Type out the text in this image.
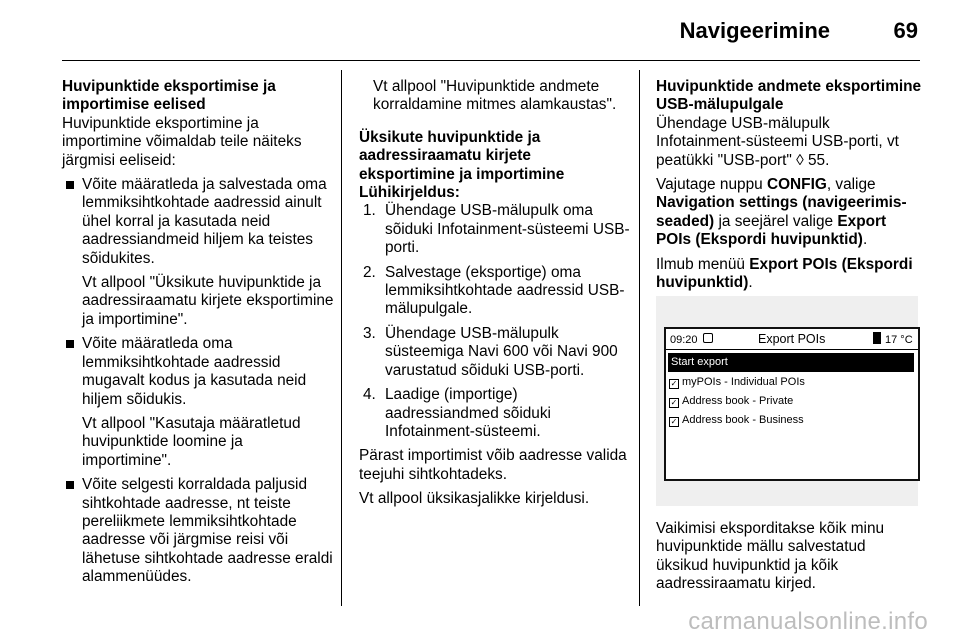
Navigeerimine	69
Huvipunktide eksportimise ja importimise eelised
Huvipunktide eksportimine ja importimine võimaldab teile näiteks järgmisi eeliseid:
Võite määratleda ja salvestada oma lemmiksihtkohtade aadressid ainult ühel korral ja kasutada neid aadressiandmeid hiljem ka teistes sõidukites.
Vt allpool "Üksikute huvipunktide ja aadressiraamatu kirjete eksportimine ja importimine".
Võite määratleda oma lemmiksihtkohtade aadressid mugavalt kodus ja kasutada neid hiljem sõidukis.
Vt allpool "Kasutaja määratletud huvipunktide loomine ja importimine".
Võite selgesti korraldada paljusid sihtkohtade aadresse, nt teiste pereliikmete lemmiksihtkohtade aadresse või järgmise reisi või lähetuse sihtkohtade aadresse eraldi alammenüüdes.
Vt allpool "Huvipunktide andmete korraldamine mitmes alamkaustas".
Üksikute huvipunktide ja aadressiraamatu kirjete eksportimine ja importimine
Lühikirjeldus:
1. Ühendage USB-mälupulk oma sõiduki Infotainment-süsteemi USB-porti.
2. Salvestage (eksportige) oma lemmiksihtkohtade aadressid USB-mälupulgale.
3. Ühendage USB-mälupulk süsteemiga Navi 600 või Navi 900 varustatud sõiduki USB-porti.
4. Laadige (importige) aadressiandmed sõiduki Infotainment-süsteemi.
Pärast importimist võib aadresse valida teejuhi sihtkohtadeks.
Vt allpool üksikasjalikke kirjeldusi.
Huvipunktide andmete eksportimine USB-mälupulgale
Ühendage USB-mälupulk Infotainment-süsteemi USB-porti, vt peatükki "USB-port" ◊ 55.
Vajutage nuppu CONFIG, valige Navigation settings (navigeerimis-seaded) ja seejärel valige Export POIs (Ekspordi huvipunktid).
Ilmub menüü Export POIs (Ekspordi huvipunktid).
09:20	Export POIs	17 °C
Start export
✓ myPOIs - Individual POIs
✓ Address book - Private
✓ Address book - Business
Vaikimisi eksporditakse kõik minu huvipunktide mällu salvestatud üksikud huvipunktid ja kõik aadressiraamatu kirjed.
carmanualsonline.info
